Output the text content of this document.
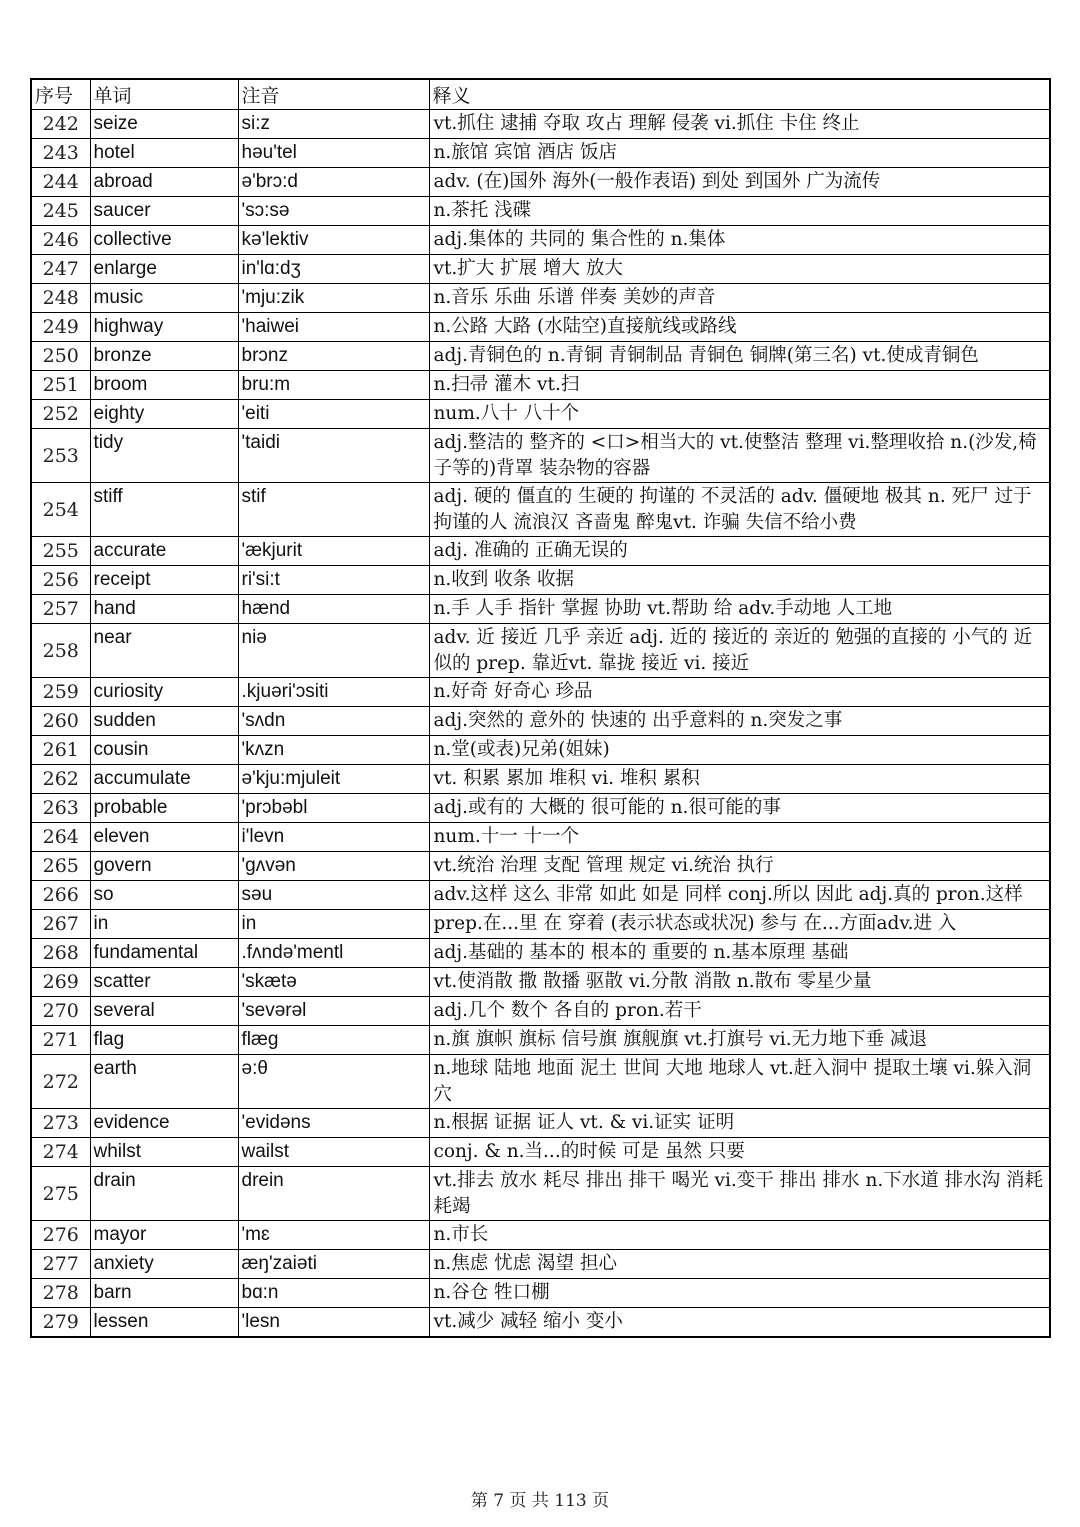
序号	单词	注音	释义
242	seize	si:z	vt.抓住 逮捕 夺取 攻占 理解 侵袭 vi.抓住 卡住 终止
243	hotel	həu'tel	n.旅馆 宾馆 酒店 饭店
244	abroad	ə'brɔ:d	adv. (在)国外 海外(一般作表语) 到处 到国外 广为流传
245	saucer	'sɔ:sə	n.茶托 浅碟
246	collective	kə'lektiv	adj.集体的 共同的 集合性的 n.集体
247	enlarge	in'lɑ:dʒ	vt.扩大 扩展 增大 放大
248	music	'mju:zik	n.音乐 乐曲 乐谱 伴奏 美妙的声音
249	highway	'haiwei	n.公路 大路 (水陆空)直接航线或路线
250	bronze	brɔnz	adj.青铜色的 n.青铜 青铜制品 青铜色 铜牌(第三名) vt.使成青铜色
251	broom	bru:m	n.扫帚 灌木 vt.扫
252	eighty	'eiti	num.八十 八十个
253	tidy	'taidi	adj.整洁的 整齐的 <口>相当大的 vt.使整洁 整理 vi.整理收拾 n.(沙发,椅子等的)背罩 装杂物的容器
254	stiff	stif	adj. 硬的 僵直的 生硬的 拘谨的 不灵活的 adv. 僵硬地 极其 n. 死尸 过于拘谨的人 流浪汉 吝啬鬼 醉鬼vt. 诈骗 失信不给小费
255	accurate	'ækjurit	adj. 准确的 正确无误的
256	receipt	ri'si:t	n.收到 收条 收据
257	hand	hænd	n.手 人手 指针 掌握 协助 vt.帮助 给 adv.手动地 人工地
258	near	niə	adv. 近 接近 几乎 亲近 adj. 近的 接近的 亲近的 勉强的直接的 小气的 近似的 prep. 靠近vt. 靠拢 接近 vi. 接近
259	curiosity	.kjuəri'ɔsiti	n.好奇 好奇心 珍品
260	sudden	'sʌdn	adj.突然的 意外的 快速的 出乎意料的 n.突发之事
261	cousin	'kʌzn	n.堂(或表)兄弟(姐妹)
262	accumulate	ə'kju:mjuleit	vt. 积累 累加 堆积 vi. 堆积 累积
263	probable	'prɔbəbl	adj.或有的 大概的 很可能的 n.很可能的事
264	eleven	i'levn	num.十一 十一个
265	govern	'gʌvən	vt.统治 治理 支配 管理 规定 vi.统治 执行
266	so	səu	adv.这样 这么 非常 如此 如是 同样 conj.所以 因此 adj.真的 pron.这样
267	in	in	prep.在...里 在 穿着 (表示状态或状况) 参与 在...方面adv.进 入
268	fundamental	.fʌndə'mentl	adj.基础的 基本的 根本的 重要的 n.基本原理 基础
269	scatter	'skætə	vt.使消散 撒 散播 驱散 vi.分散 消散 n.散布 零星少量
270	several	'sevərəl	adj.几个 数个 各自的 pron.若干
271	flag	flæg	n.旗 旗帜 旗标 信号旗 旗舰旗 vt.打旗号 vi.无力地下垂 减退
272	earth	ə:θ	n.地球 陆地 地面 泥土 世间 大地 地球人 vt.赶入洞中 提取土壤 vi.躲入洞穴
273	evidence	'evidəns	n.根据 证据 证人 vt. & vi.证实 证明
274	whilst	wailst	conj. & n.当...的时候 可是 虽然 只要
275	drain	drein	vt.排去 放水 耗尽 排出 排干 喝光 vi.变干 排出 排水 n.下水道 排水沟 消耗 耗竭
276	mayor	'mɛ	n.市长
277	anxiety	æŋ'zaiəti	n.焦虑 忧虑 渴望 担心
278	barn	bɑ:n	n.谷仓 牲口棚
279	lessen	'lesn	vt.减少 减轻 缩小 变小
第 7 页 共 113 页
